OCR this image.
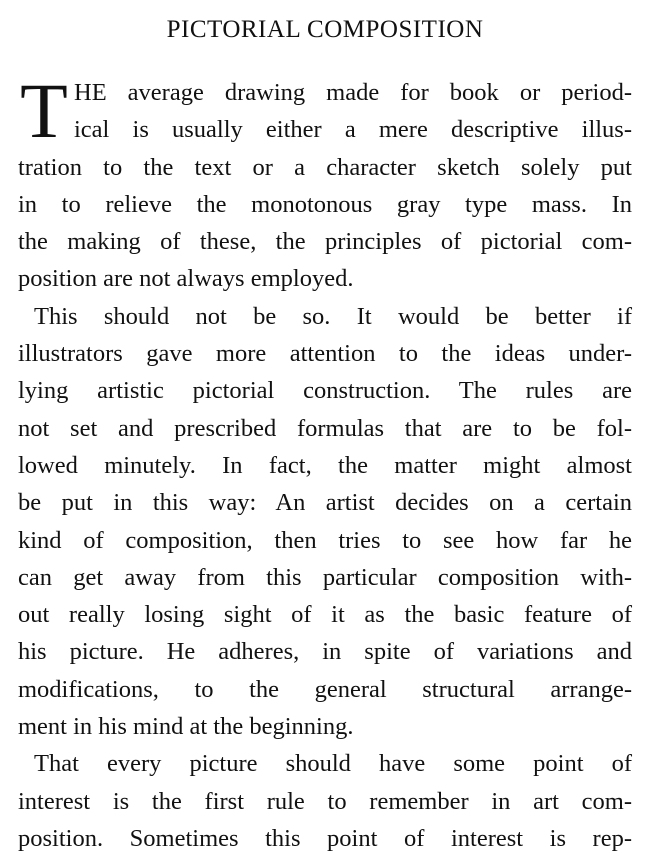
PICTORIAL COMPOSITION
T HE average drawing made for book or period-
ical is usually either a mere descriptive illus-
tration to the text or a character sketch solely put
in to relieve the monotonous gray type mass. In
the making of these, the principles of pictorial com-
position are not always employed.
This should not be so. It would be better if
illustrators gave more attention to the ideas under-
lying artistic pictorial construction. The rules are
not set and prescribed formulas that are to be fol-
lowed minutely. In fact, the matter might almost
be put in this way: An artist decides on a certain
kind of composition, then tries to see how far he
can get away from this particular composition with-
out really losing sight of it as the basic feature of
his picture. He adheres, in spite of variations and
modifications, to the general structural arrange-
ment in his mind at the beginning.
That every picture should have some point of
interest is the first rule to remember in art com-
position. Sometimes this point of interest is rep-
